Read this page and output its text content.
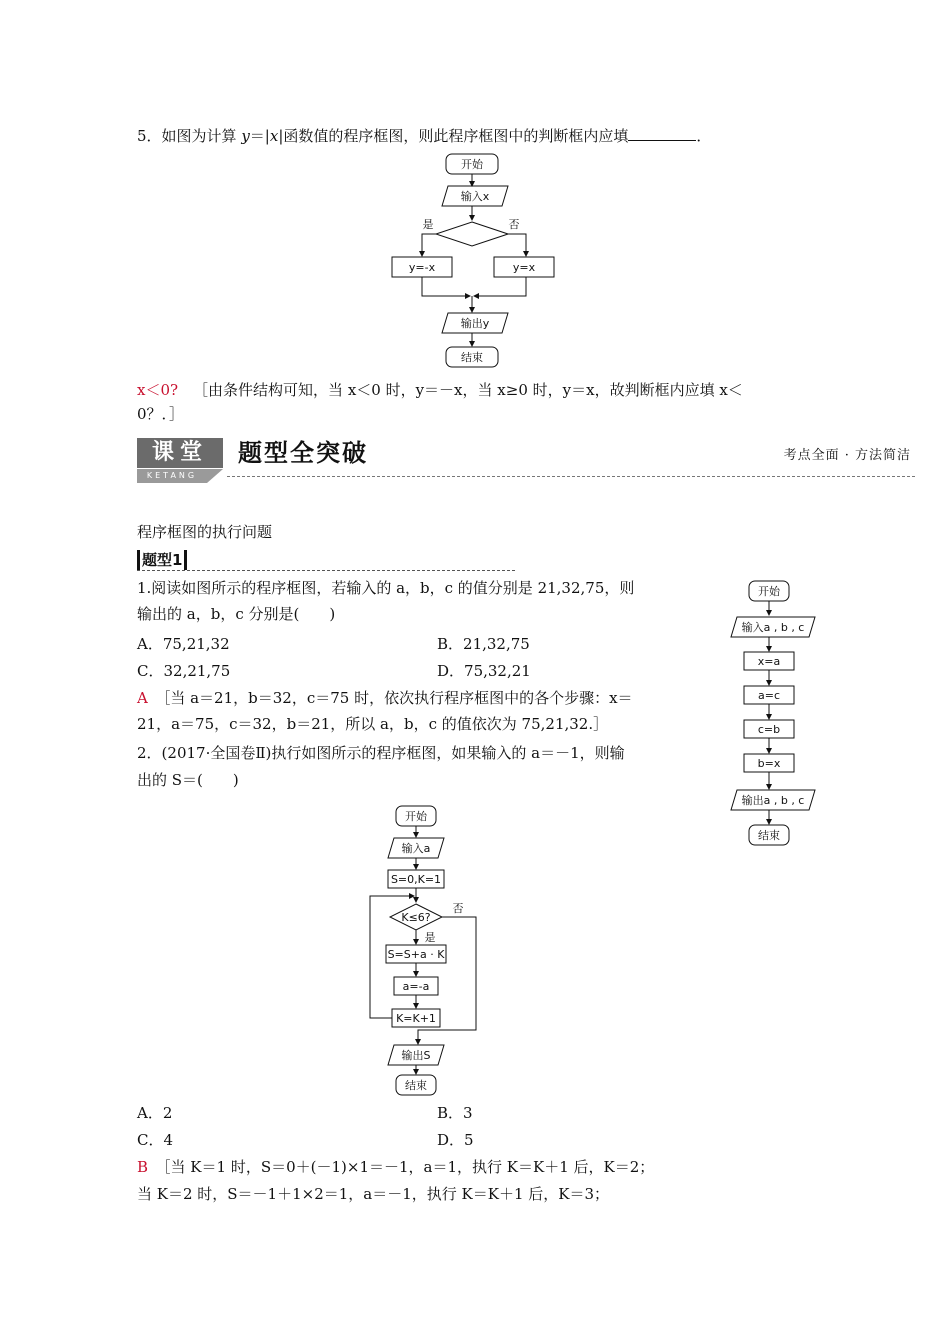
5．如图为计算 y＝|x|函数值的程序框图，则此程序框图中的判断框内应填	．
开始
输入x
是	否
y=-x	y=x
输出y
结束
x＜0?  ［由条件结构可知，当 x＜0 时，y＝－x，当 x≥0 时，y＝x，故判断框内应填 x＜
0？．］
课堂
KETANG
题型全突破	考点全面 · 方法简洁
程序框图的执行问题
题型1
1.阅读如图所示的程序框图，若输入的 a，b，c 的值分别是 21,32,75，则
输出的 a，b，c 分别是(　　)
A．75,21,32	B．21,32,75
C．32,21,75	D．75,32,21
A  ［当 a＝21，b＝32，c＝75 时，依次执行程序框图中的各个步骤：x＝
21，a＝75，c＝32，b＝21，所以 a，b，c 的值依次为 75,21,32.］
开始
输入a , b , c
x=a
a=c
c=b
b=x
输出a , b , c
结束
2．(2017·全国卷Ⅱ)执行如图所示的程序框图，如果输入的 a＝－1，则输
出的 S＝(　　)
开始
输入a
S=0,K=1
K≤6?
否
是
S=S+a · K
a=-a
K=K+1
输出S
结束
A．2	B．3
C．4	D．5
B  ［当 K＝1 时，S＝0＋(－1)×1＝－1，a＝1，执行 K＝K＋1 后，K＝2；
当 K＝2 时，S＝－1＋1×2＝1，a＝－1，执行 K＝K＋1 后，K＝3；
